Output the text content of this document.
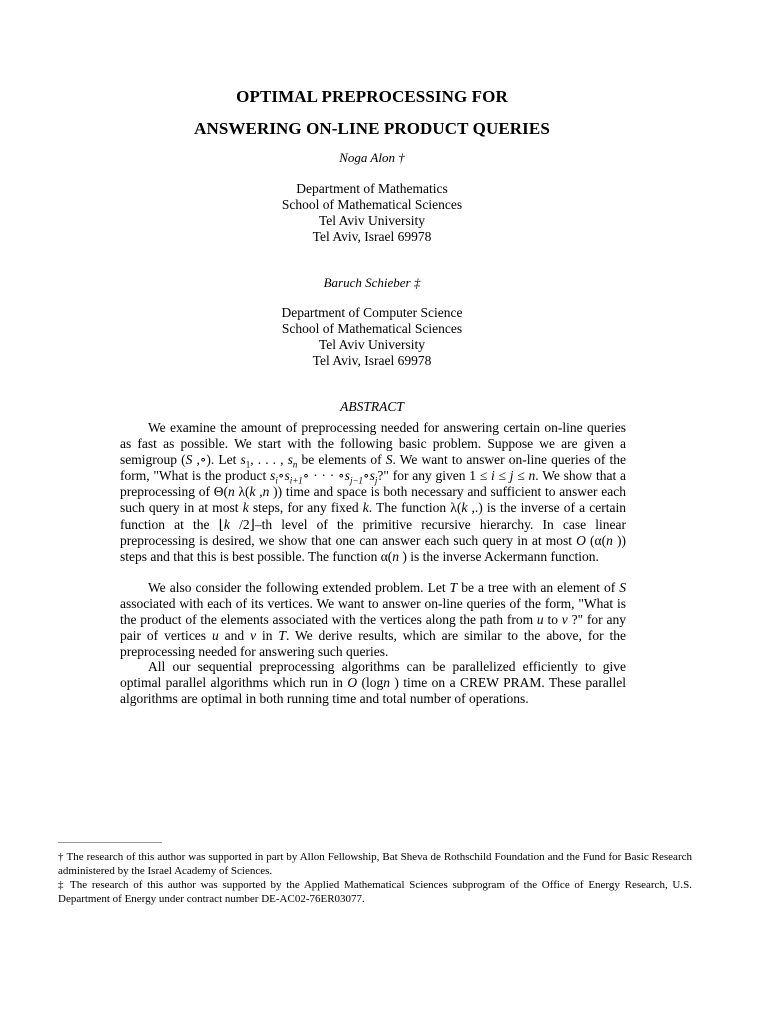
OPTIMAL PREPROCESSING FOR
ANSWERING ON-LINE PRODUCT QUERIES
Noga Alon †
Department of Mathematics
School of Mathematical Sciences
Tel Aviv University
Tel Aviv, Israel 69978
Baruch Schieber ‡
Department of Computer Science
School of Mathematical Sciences
Tel Aviv University
Tel Aviv, Israel 69978
ABSTRACT

We examine the amount of preprocessing needed for answering certain on-line queries as fast as possible. We start with the following basic problem. Suppose we are given a semigroup (S ,∘). Let $s_1$, . . . , $s_n$ be elements of S. We want to answer on-line queries of the form, "What is the product $s_i\circ s_{i+1}\circ$ · · · $\circ s_{j-1}\circ s_j$?" for any given 1 ≤ i ≤ j ≤ n. We show that a preprocessing of Θ(n λ(k ,n )) time and space is both necessary and sufficient to answer each such query in at most k steps, for any fixed k. The function λ(k ,.) is the inverse of a certain function at the ⌊k /2⌋–th level of the primitive recursive hierarchy. In case linear preprocessing is desired, we show that one can answer each such query in at most O (α(n )) steps and that this is best possible. The function α(n ) is the inverse Ackermann function.

We also consider the following extended problem. Let T be a tree with an element of S associated with each of its vertices. We want to answer on-line queries of the form, "What is the product of the elements associated with the vertices along the path from u to v ?" for any pair of vertices u and v in T. We derive results, which are similar to the above, for the preprocessing needed for answering such queries.

All our sequential preprocessing algorithms can be parallelized efficiently to give optimal parallel algorithms which run in O (logn ) time on a CREW PRAM. These parallel algorithms are optimal in both running time and total number of operations.

† The research of this author was supported in part by Allon Fellowship, Bat Sheva de Rothschild Foundation and the Fund for Basic Research administered by the Israel Academy of Sciences.
‡ The research of this author was supported by the Applied Mathematical Sciences subprogram of the Office of Energy Research, U.S. Department of Energy under contract number DE-AC02-76ER03077.
